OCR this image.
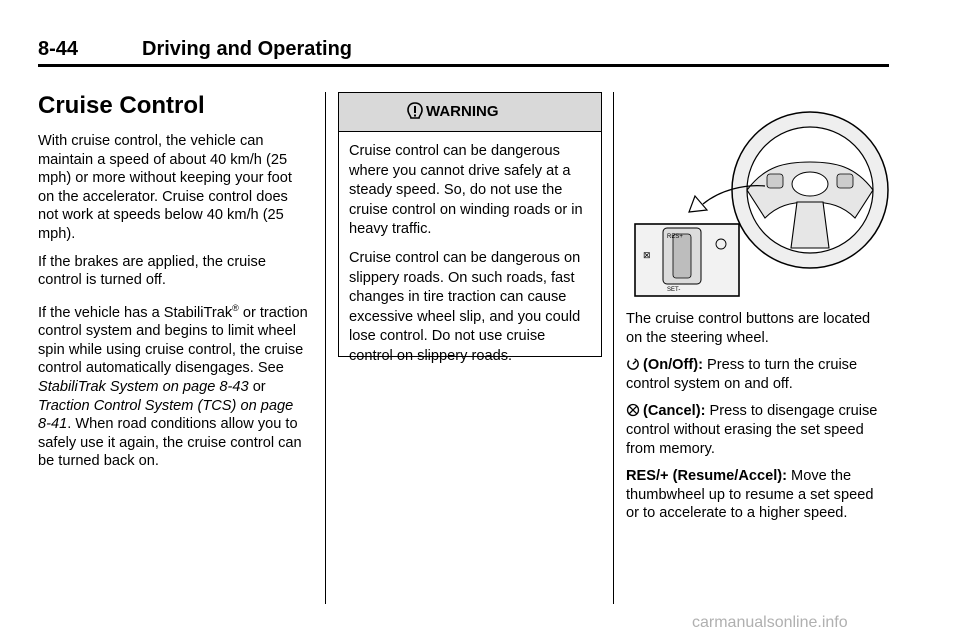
8-44	Driving and Operating
Cruise Control

With cruise control, the vehicle can maintain a speed of about 40 km/h (25 mph) or more without keeping your foot on the accelerator. Cruise control does not work at speeds below 40 km/h (25 mph).

If the brakes are applied, the cruise control is turned off.

If the vehicle has a StabiliTrak® or traction control system and begins to limit wheel spin while using cruise control, the cruise control automatically disengages. See StabiliTrak System on page 8-43 or Traction Control System (TCS) on page 8-41. When road conditions allow you to safely use it again, the cruise control can be turned back on.

WARNING

Cruise control can be dangerous where you cannot drive safely at a steady speed. So, do not use the cruise control on winding roads or in heavy traffic.

Cruise control can be dangerous on slippery roads. On such roads, fast changes in tire traction can cause excessive wheel slip, and you could lose control. Do not use cruise control on slippery roads.

RES+
SET-
⊠

The cruise control buttons are located on the steering wheel.

(On/Off): Press to turn the cruise control system on and off.

(Cancel): Press to disengage cruise control without erasing the set speed from memory.

RES/+ (Resume/Accel): Move the thumbwheel up to resume a set speed or to accelerate to a higher speed.

carmanualsonline.info
